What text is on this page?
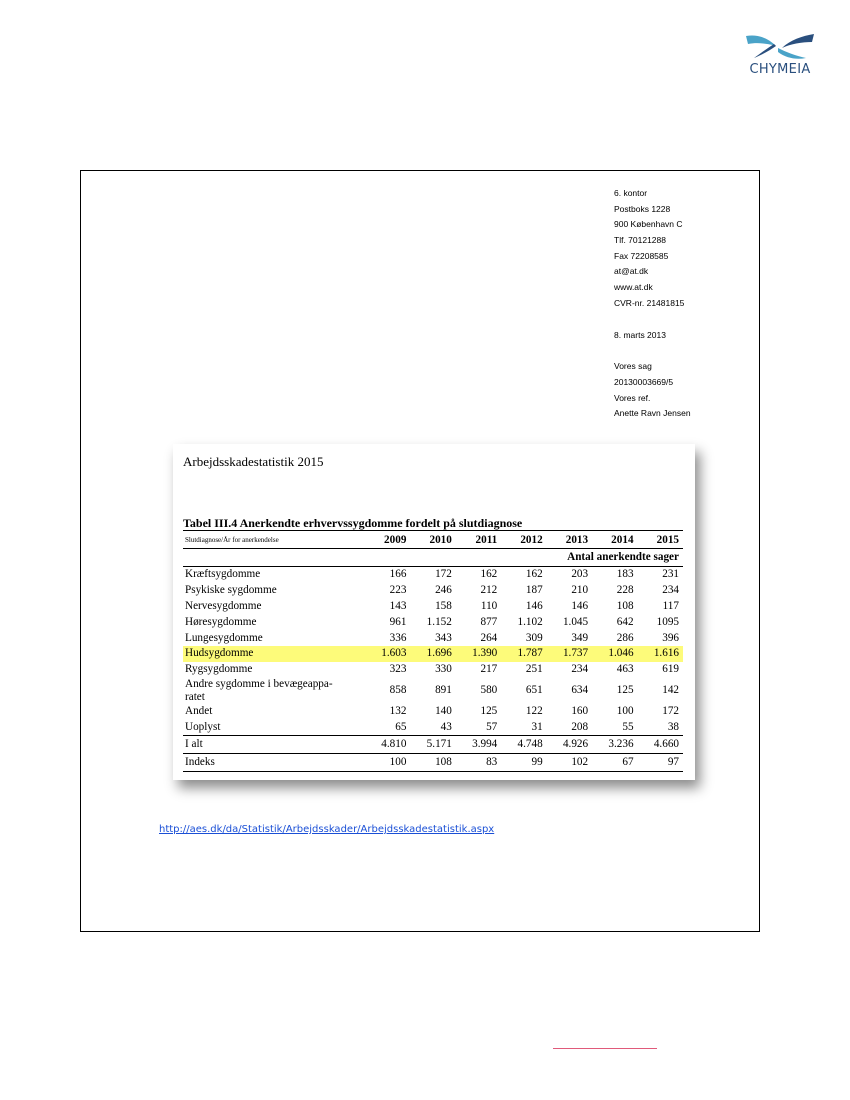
CHYMEIA
6. kontor
Postboks 1228
900 København C
Tlf. 70121288
Fax 72208585
at@at.dk
www.at.dk
CVR-nr. 21481815
8. marts 2013
Vores sag
20130003669/5
Vores ref.
Anette Ravn Jensen
Arbejdsskadestatistik 2015
Tabel III.4 Anerkendte erhvervssygdomme fordelt på slutdiagnose
Slutdiagnose/År for anerkendelse	2009	2010	2011	2012	2013	2014	2015
	Antal anerkendte sager						
Kræftsygdomme	166	172	162	162	203	183	231
Psykiske sygdomme	223	246	212	187	210	228	234
Nervesygdomme	143	158	110	146	146	108	117
Høresygdomme	961	1.152	877	1.102	1.045	642	1095
Lungesygdomme	336	343	264	309	349	286	396
Hudsygdomme	1.603	1.696	1.390	1.787	1.737	1.046	1.616
Rygsygdomme	323	330	217	251	234	463	619
Andre sygdomme i bevægeappa-
ratet	858	891	580	651	634	125	142
Andet	132	140	125	122	160	100	172
Uoplyst	65	43	57	31	208	55	38
I alt	4.810	5.171	3.994	4.748	4.926	3.236	4.660
Indeks	100	108	83	99	102	67	97
http://aes.dk/da/Statistik/Arbejdsskader/Arbejdsskadestatistik.aspx
